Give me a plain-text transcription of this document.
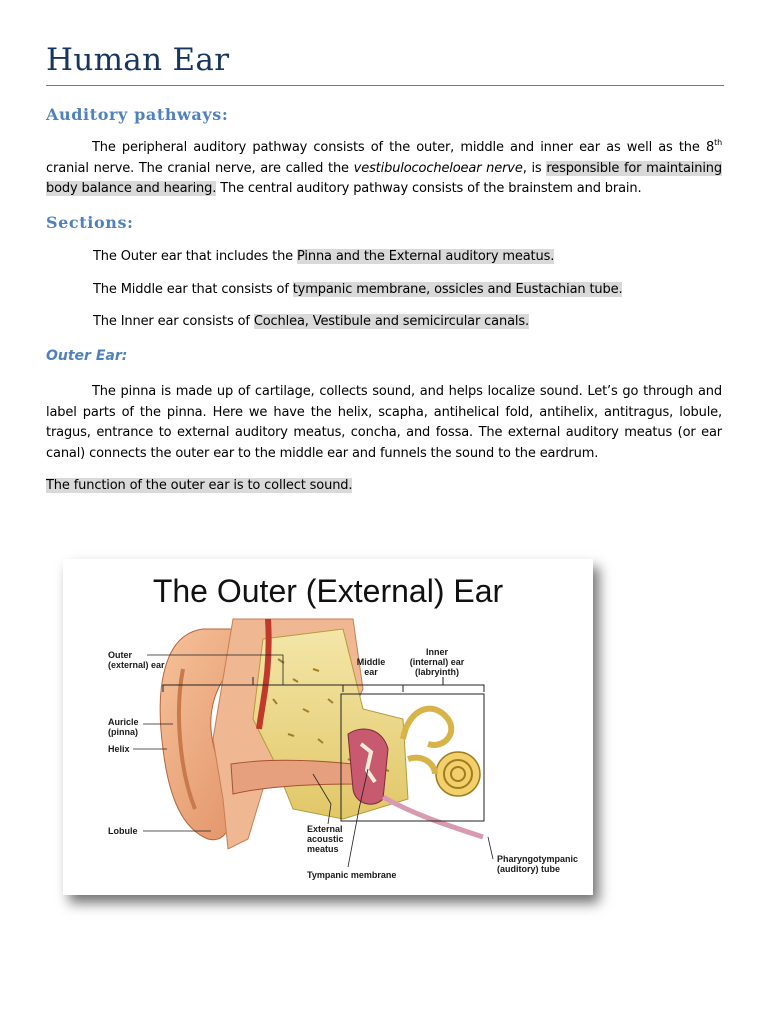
Human Ear
Auditory pathways:
The peripheral auditory pathway consists of the outer, middle and inner ear as well as the 8th cranial nerve. The cranial nerve, are called the vestibulocochelo​ear nerve, is responsible for maintaining body balance and hearing. The central auditory pathway consists of the brainstem and brain.
Sections:
The Outer ear that includes the Pinna and the External auditory meatus.
The Middle ear that consists of tympanic membrane, ossicles and Eustachian tube.
The Inner ear consists of Cochlea, Vestibule and semicircular canals.
Outer Ear:
The pinna is made up of cartilage, collects sound, and helps localize sound. Let’s go through and label parts of the pinna. Here we have the helix, scapha, antihelical fold, antihelix, antitragus, lobule, tragus, entrance to external auditory meatus, concha, and fossa. The external auditory meatus (or ear canal) connects the outer ear to the middle ear and funnels the sound to the eardrum.
The function of the outer ear is to collect sound.
The Outer (External) Ear
Outer
(external) ear	Middle
ear
Inner
(internal) ear
(labryinth)
Auricle
(pinna)
Helix
Lobule	External
acoustic
meatus
Tympanic membrane
Pharyngotympanic
(auditory) tube
